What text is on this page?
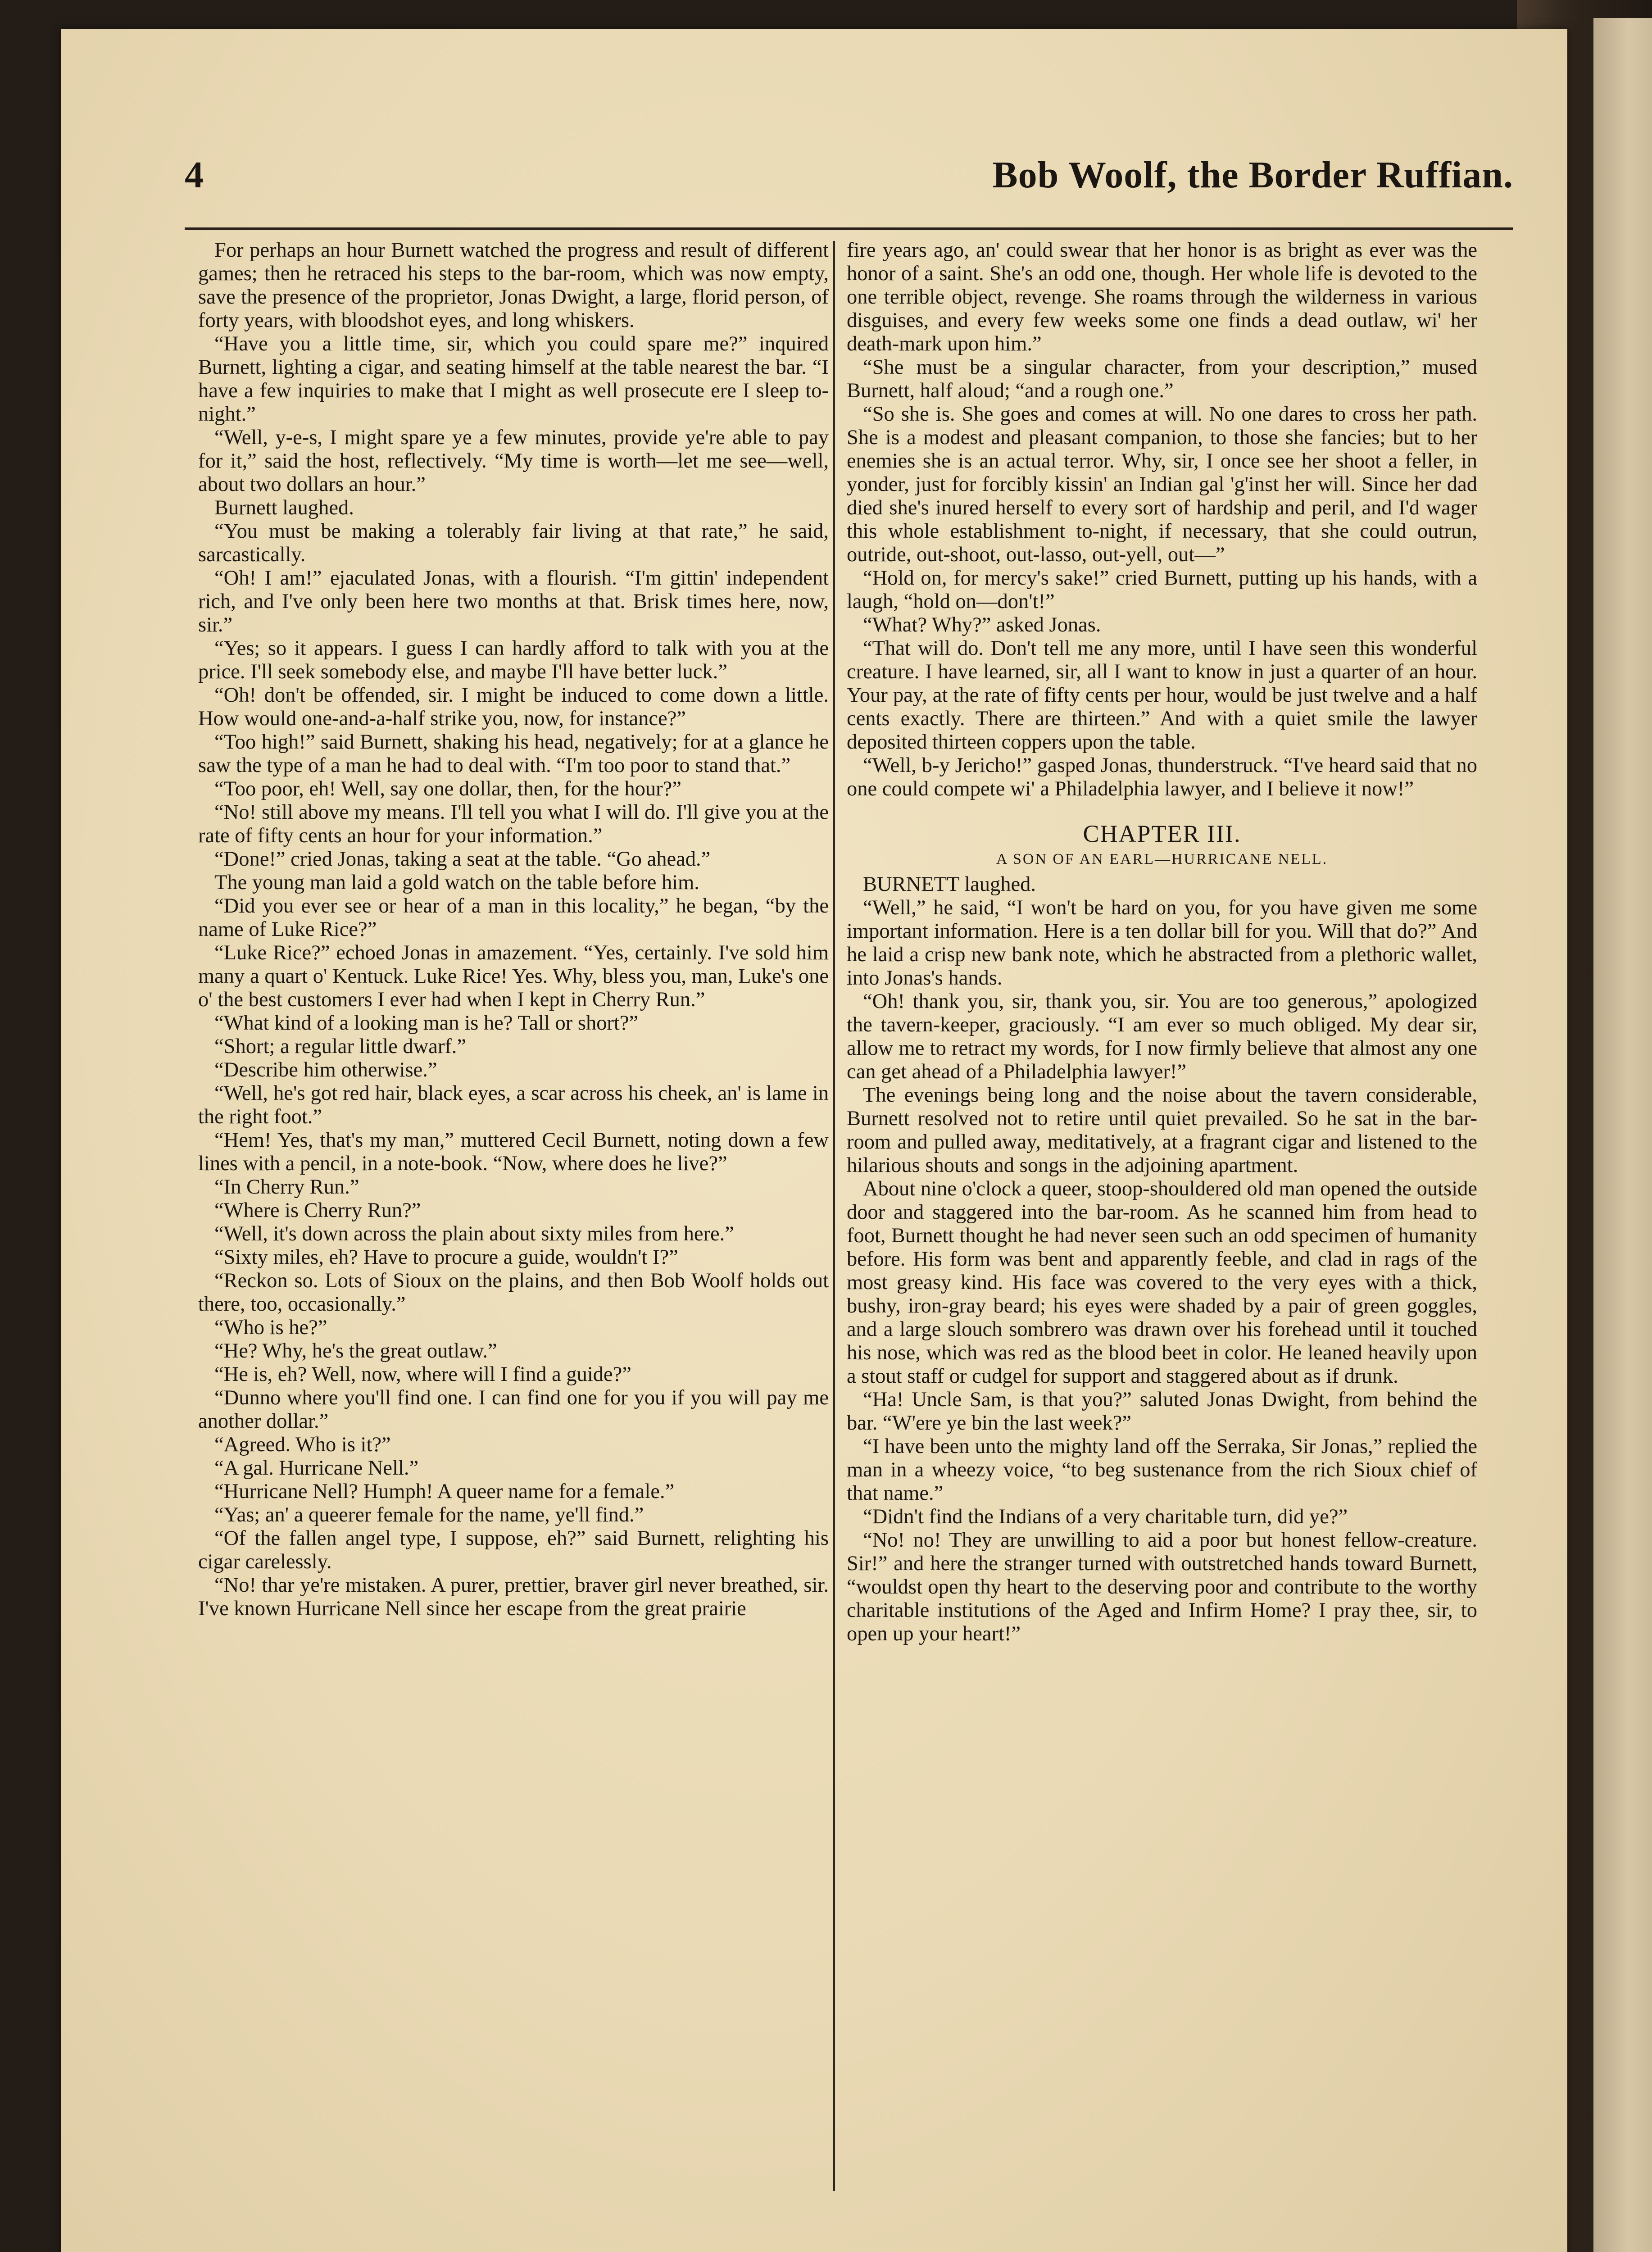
4	Bob Woolf, the Border Ruffian.

For perhaps an hour Burnett watched the progress and result of different games; then he retraced his steps to the bar-room, which was now empty, save the presence of the proprietor, Jonas Dwight, a large, florid person, of forty years, with bloodshot eyes, and long whiskers.

“Have you a little time, sir, which you could spare me?” inquired Burnett, lighting a cigar, and seating himself at the table nearest the bar. “I have a few inquiries to make that I might as well prosecute ere I sleep to-night.”

“Well, y-e-s, I might spare ye a few minutes, provide ye're able to pay for it,” said the host, reflectively. “My time is worth—let me see—well, about two dollars an hour.”

Burnett laughed.

“You must be making a tolerably fair living at that rate,” he said, sarcastically.

“Oh! I am!” ejaculated Jonas, with a flourish. “I'm gittin' independent rich, and I've only been here two months at that. Brisk times here, now, sir.”

“Yes; so it appears. I guess I can hardly afford to talk with you at the price. I'll seek somebody else, and maybe I'll have better luck.”

“Oh! don't be offended, sir. I might be induced to come down a little. How would one-and-a-half strike you, now, for instance?”

“Too high!” said Burnett, shaking his head, negatively; for at a glance he saw the type of a man he had to deal with. “I'm too poor to stand that.”

“Too poor, eh! Well, say one dollar, then, for the hour?”

“No! still above my means. I'll tell you what I will do. I'll give you at the rate of fifty cents an hour for your information.”

“Done!” cried Jonas, taking a seat at the table. “Go ahead.”

The young man laid a gold watch on the table before him.

“Did you ever see or hear of a man in this locality,” he began, “by the name of Luke Rice?”

“Luke Rice?” echoed Jonas in amazement. “Yes, certainly. I've sold him many a quart o' Kentuck. Luke Rice! Yes. Why, bless you, man, Luke's one o' the best customers I ever had when I kept in Cherry Run.”

“What kind of a looking man is he? Tall or short?”

“Short; a regular little dwarf.”

“Describe him otherwise.”

“Well, he's got red hair, black eyes, a scar across his cheek, an' is lame in the right foot.”

“Hem! Yes, that's my man,” muttered Cecil Burnett, noting down a few lines with a pencil, in a note-book. “Now, where does he live?”

“In Cherry Run.”

“Where is Cherry Run?”

“Well, it's down across the plain about sixty miles from here.”

“Sixty miles, eh? Have to procure a guide, wouldn't I?”

“Reckon so. Lots of Sioux on the plains, and then Bob Woolf holds out there, too, occasionally.”

“Who is he?”

“He? Why, he's the great outlaw.”

“He is, eh? Well, now, where will I find a guide?”

“Dunno where you'll find one. I can find one for you if you will pay me another dollar.”

“Agreed. Who is it?”

“A gal. Hurricane Nell.”

“Hurricane Nell? Humph! A queer name for a female.”

“Yas; an' a queerer female for the name, ye'll find.”

“Of the fallen angel type, I suppose, eh?” said Burnett, relighting his cigar carelessly.

“No! thar ye're mistaken. A purer, prettier, braver girl never breathed, sir. I've known Hurricane Nell since her escape from the great prairie

fire years ago, an' could swear that her honor is as bright as ever was the honor of a saint. She's an odd one, though. Her whole life is devoted to the one terrible object, revenge. She roams through the wilderness in various disguises, and every few weeks some one finds a dead outlaw, wi' her death-mark upon him.”

“She must be a singular character, from your description,” mused Burnett, half aloud; “and a rough one.”

“So she is. She goes and comes at will. No one dares to cross her path. She is a modest and pleasant companion, to those she fancies; but to her enemies she is an actual terror. Why, sir, I once see her shoot a feller, in yonder, just for forcibly kissin' an Indian gal 'g'inst her will. Since her dad died she's inured herself to every sort of hardship and peril, and I'd wager this whole establishment to-night, if necessary, that she could outrun, outride, out-shoot, out-lasso, out-yell, out—”

“Hold on, for mercy's sake!” cried Burnett, putting up his hands, with a laugh, “hold on—don't!”

“What? Why?” asked Jonas.

“That will do. Don't tell me any more, until I have seen this wonderful creature. I have learned, sir, all I want to know in just a quarter of an hour. Your pay, at the rate of fifty cents per hour, would be just twelve and a half cents exactly. There are thirteen.” And with a quiet smile the lawyer deposited thirteen coppers upon the table.

“Well, b-y Jericho!” gasped Jonas, thunderstruck. “I've heard said that no one could compete wi' a Philadelphia lawyer, and I believe it now!”

CHAPTER III.
A SON OF AN EARL—HURRICANE NELL.

BURNETT laughed.

“Well,” he said, “I won't be hard on you, for you have given me some important information. Here is a ten dollar bill for you. Will that do?” And he laid a crisp new bank note, which he abstracted from a plethoric wallet, into Jonas's hands.

“Oh! thank you, sir, thank you, sir. You are too generous,” apologized the tavern-keeper, graciously. “I am ever so much obliged. My dear sir, allow me to retract my words, for I now firmly believe that almost any one can get ahead of a Philadelphia lawyer!”

The evenings being long and the noise about the tavern considerable, Burnett resolved not to retire until quiet prevailed. So he sat in the bar-room and pulled away, meditatively, at a fragrant cigar and listened to the hilarious shouts and songs in the adjoining apartment.

About nine o'clock a queer, stoop-shouldered old man opened the outside door and staggered into the bar-room. As he scanned him from head to foot, Burnett thought he had never seen such an odd specimen of humanity before. His form was bent and apparently feeble, and clad in rags of the most greasy kind. His face was covered to the very eyes with a thick, bushy, iron-gray beard; his eyes were shaded by a pair of green goggles, and a large slouch sombrero was drawn over his forehead until it touched his nose, which was red as the blood beet in color. He leaned heavily upon a stout staff or cudgel for support and staggered about as if drunk.

“Ha! Uncle Sam, is that you?” saluted Jonas Dwight, from behind the bar. “W'ere ye bin the last week?”

“I have been unto the mighty land off the Serraka, Sir Jonas,” replied the man in a wheezy voice, “to beg sustenance from the rich Sioux chief of that name.”

“Didn't find the Indians of a very charitable turn, did ye?”

“No! no! They are unwilling to aid a poor but honest fellow-creature. Sir!” and here the stranger turned with outstretched hands toward Burnett, “wouldst open thy heart to the deserving poor and contribute to the worthy charitable institutions of the Aged and Infirm Home? I pray thee, sir, to open up your heart!”
